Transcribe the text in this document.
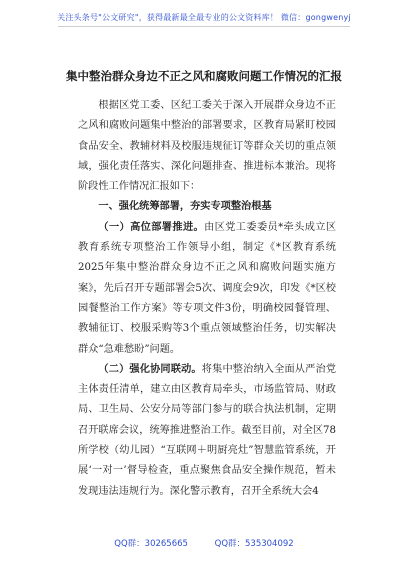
关注头条号"公文研究"，获得最新最全最专业的公文资料库！ 微信：gongwenyj
集中整治群众身边不正之风和腐败问题工作情况的汇报

根据区党工委、区纪工委关于深入开展群众身边不正之风和腐败问题集中整治的部署要求，区教育局紧盯校园食品安全、教辅材料及校服违规征订等群众关切的重点领域，强化责任落实、深化问题排查、推进标本兼治。现将阶段性工作情况汇报如下：

一、强化统筹部署，夯实专项整治根基

（一）高位部署推进。由区党工委委员*牵头成立区教育系统专项整治工作领导小组，制定《*区教育系统2025年集中整治群众身边不正之风和腐败问题实施方案》，先后召开专题部署会5次、调度会9次，印发《*区校园餐整治工作方案》等专项文件3份，明确校园餐管理、教辅征订、校服采购等3个重点领域整治任务，切实解决群众“急难愁盼”问题。

（二）强化协同联动。将集中整治纳入全面从严治党主体责任清单，建立由区教育局牵头，市场监管局、财政局、卫生局、公安分局等部门参与的联合执法机制，定期召开联席会议，统筹推进整治工作。截至目前，对全区78所学校（幼儿园）“互联网＋明厨亮灶”智慧监管系统，开展‘一对一’督导检查，重点聚焦食品安全操作规范，暂未发现违法违规行为。深化警示教育，召开全系统大会4

QQ群：30265665	QQ群：535304092
